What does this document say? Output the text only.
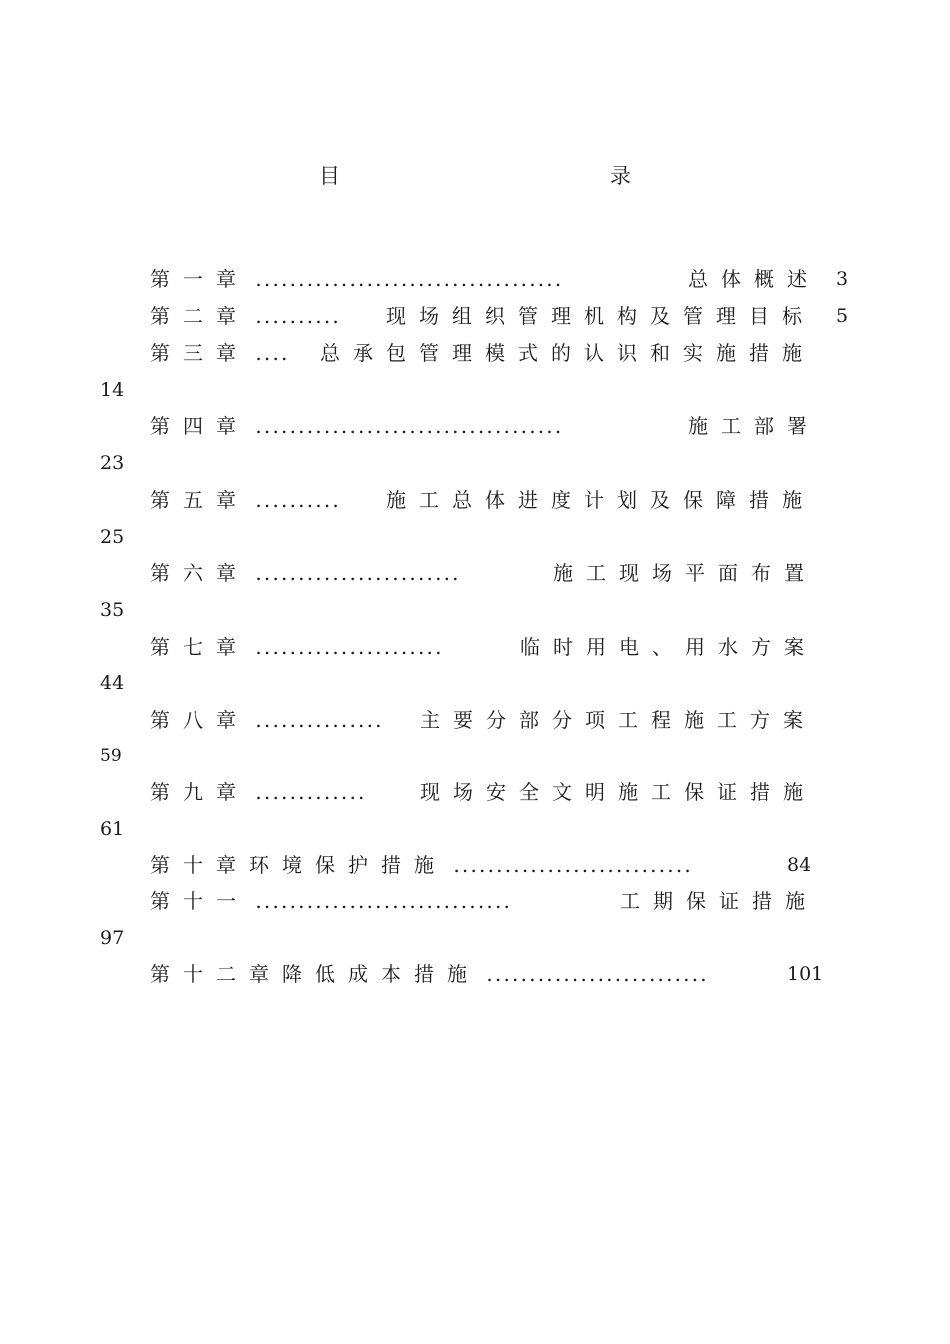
目　　录
第一章 ....................................	总体概述 3
第二章 .......... 现场组织管理机构及管理目标 5
第三章 .... 总承包管理模式的认识和实施措施
14
第四章 ....................................	施工部署
23
第五章 .......... 施工总体进度计划及保障措施
25
第六章 ........................	施工现场平面布置
35
第七章 ......................	临时用电、用水方案
44
第八章 ............... 主要分部分项工程施工方案
59
第九章 .............	现场安全文明施工保证措施
61
第十章环境保护措施 ............................	84
第十一 ..............................	工期保证措施
97
第十二章降低成本措施 ..........................	101
